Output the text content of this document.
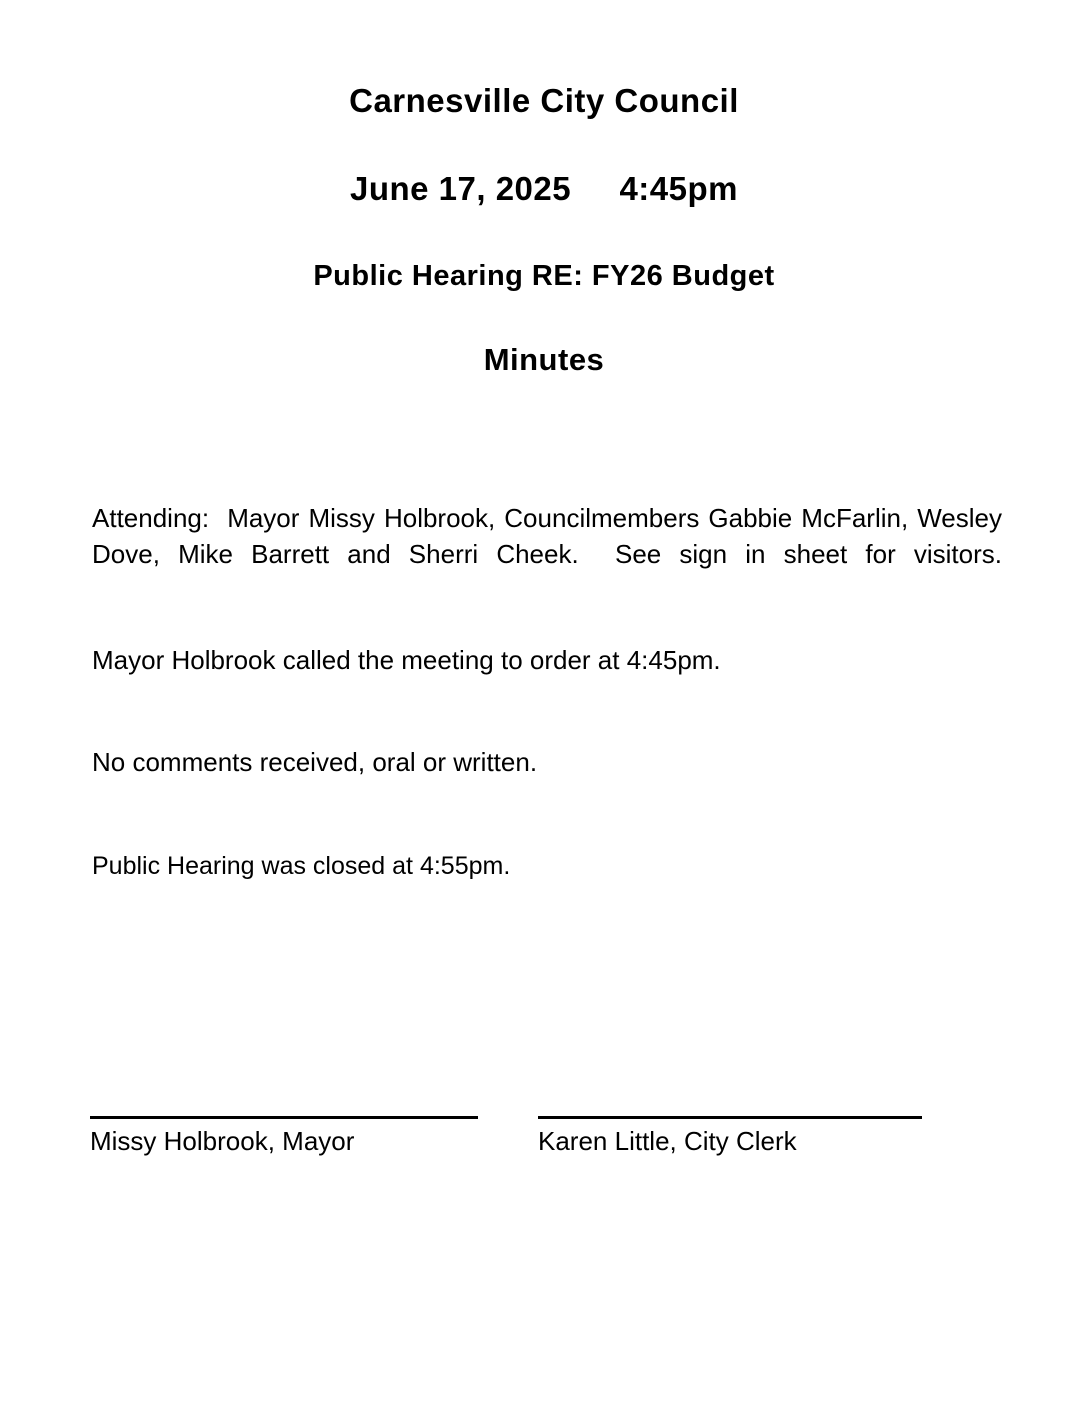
Carnesville City Council
June 17, 2025     4:45pm
Public Hearing RE: FY26 Budget
Minutes
Attending:  Mayor Missy Holbrook, Councilmembers Gabbie McFarlin, Wesley Dove, Mike Barrett and Sherri Cheek.  See sign in sheet for visitors.
Mayor Holbrook called the meeting to order at 4:45pm.
No comments received, oral or written.
Public Hearing was closed at 4:55pm.
Missy Holbrook, Mayor	Karen Little, City Clerk
